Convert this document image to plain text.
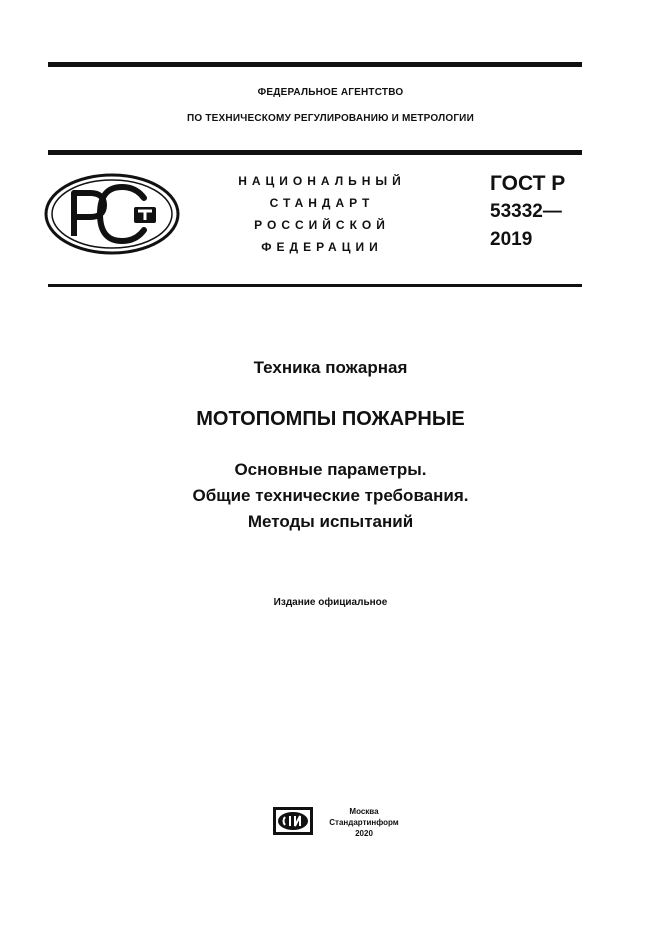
ФЕДЕРАЛЬНОЕ АГЕНТСТВО
ПО ТЕХНИЧЕСКОМУ РЕГУЛИРОВАНИЮ И МЕТРОЛОГИИ
НАЦИОНАЛЬНЫЙ
СТАНДАРТ
РОССИЙСКОЙ
ФЕДЕРАЦИИ
ГОСТ Р
53332—
2019
Техника пожарная
МОТОПОМПЫ ПОЖАРНЫЕ
Основные параметры.
Общие технические требования.
Методы испытаний
Издание официальное
Москва
Стандартинформ
2020
